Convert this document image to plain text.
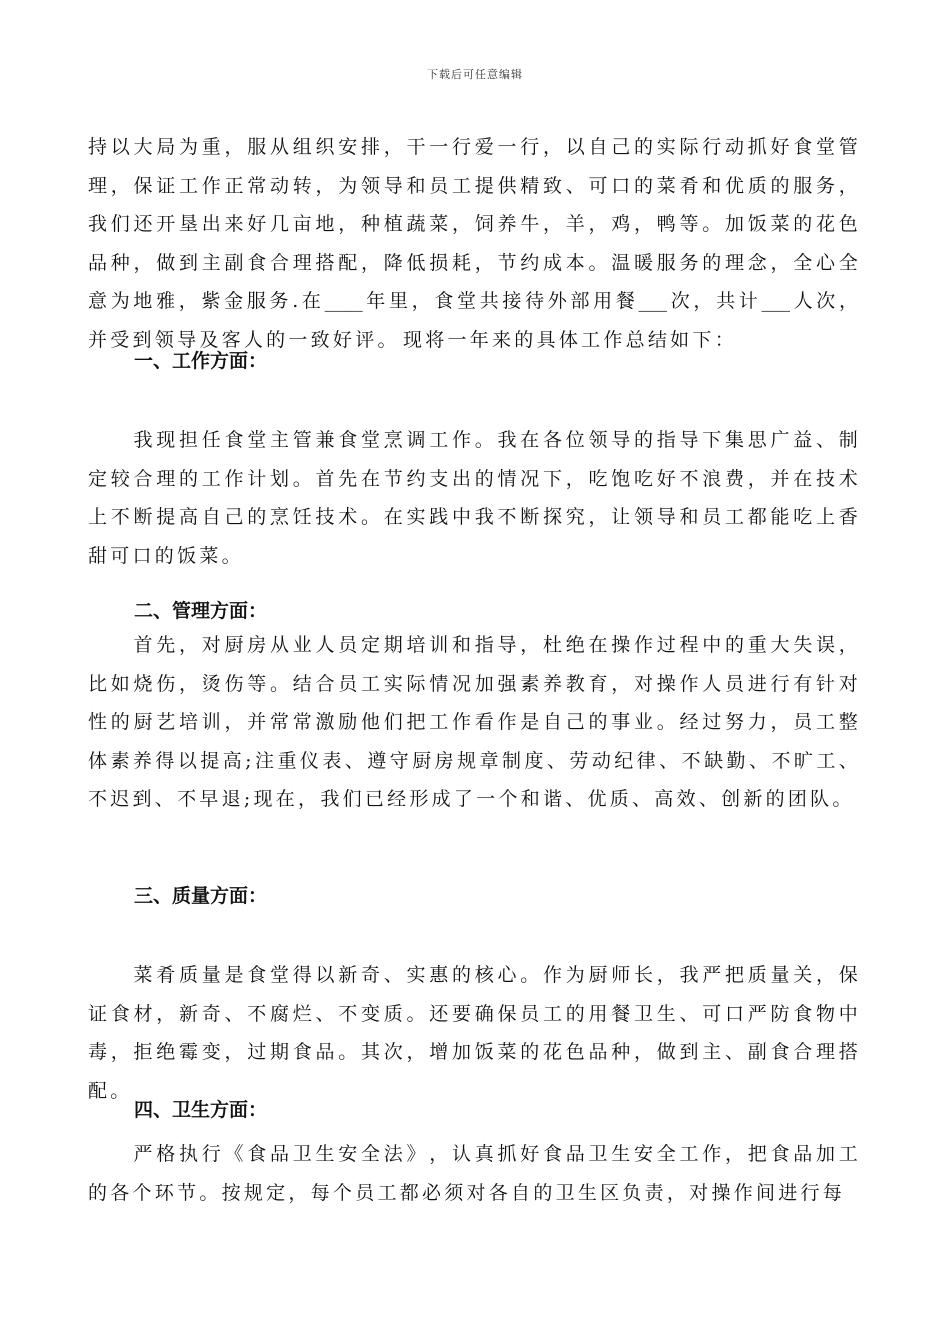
下载后可任意编辑
持 以 大 局 为 重 ， 服 从 组 织 安 排 ， 干 一 行 爱 一 行 ， 以 自 己 的 实 际 行 动 抓 好 食 堂 管
理 ， 保 证 工 作 正 常 动 转 ， 为 领 导 和 员 工 提 供 精 致 、 可 口 的 菜 肴 和 优 质 的 服 务 ，
我 们 还 开 垦 出 来 好 几 亩 地 ， 种 植 蔬 菜 ， 饲 养 牛 ， 羊 ， 鸡 ， 鸭 等 。 加 饭 菜 的 花 色
品 种 ， 做 到 主 副 食 合 理 搭 配 ， 降 低 损 耗 ， 节 约 成 本 。 温 暖 服 务 的 理 念 ， 全 心 全
意 为 地 雅 ， 紫 金 服 务 . 在 ____ 年 里 ， 食 堂 共 接 待 外 部 用 餐 ___ 次 ， 共 计 ___ 人 次 ，
并 受 到 领 导 及 客 人 的 一 致 好 评 。 现 将 一 年 来 的 具 体 工 作 总 结 如 下 ：
一、工作方面：

我 现 担 任 食 堂 主 管 兼 食 堂 烹 调 工 作 。 我 在 各 位 领 导 的 指 导 下 集 思 广 益 、 制
定 较 合 理 的 工 作 计 划 。 首 先 在 节 约 支 出 的 情 况 下 ， 吃 饱 吃 好 不 浪 费 ， 并 在 技 术
上 不 断 提 高 自 己 的 烹 饪 技 术 。 在 实 践 中 我 不 断 探 究 ， 让 领 导 和 员 工 都 能 吃 上 香
甜 可 口 的 饭 菜 。
二、管理方面：

首 先 ， 对 厨 房 从 业 人 员 定 期 培 训 和 指 导 ， 杜 绝 在 操 作 过 程 中 的 重 大 失 误 ，
比 如 烧 伤 ， 烫 伤 等 。 结 合 员 工 实 际 情 况 加 强 素 养 教 育 ， 对 操 作 人 员 进 行 有 针 对
性 的 厨 艺 培 训 ， 并 常 常 激 励 他 们 把 工 作 看 作 是 自 己 的 事 业 。 经 过 努 力 ， 员 工 整
体 素 养 得 以 提 高 ; 注 重 仪 表 、 遵 守 厨 房 规 章 制 度 、 劳 动 纪 律 、 不 缺 勤 、 不 旷 工 、
不 迟 到 、 不 早 退 ; 现 在 ， 我 们 已 经 形 成 了 一 个 和 谐 、 优 质 、 高 效 、 创 新 的 团 队 。
三、质量方面：

菜 肴 质 量 是 食 堂 得 以 新 奇 、 实 惠 的 核 心 。 作 为 厨 师 长 ， 我 严 把 质 量 关 ， 保
证 食 材 ， 新 奇 、 不 腐 烂 、 不 变 质 。 还 要 确 保 员 工 的 用 餐 卫 生 、 可 口 严 防 食 物 中
毒 ， 拒 绝 霉 变 ， 过 期 食 品 。 其 次 ， 增 加 饭 菜 的 花 色 品 种 ， 做 到 主 、 副 食 合 理 搭
配 。
四、卫生方面：

严 格 执 行 《 食 品 卫 生 安 全 法 》 ， 认 真 抓 好 食 品 卫 生 安 全 工 作 ， 把 食 品 加 工
的 各 个 环 节 。 按 规 定 ， 每 个 员 工 都 必 须 对 各 自 的 卫 生 区 负 责 ， 对 操 作 间 进 行 每
